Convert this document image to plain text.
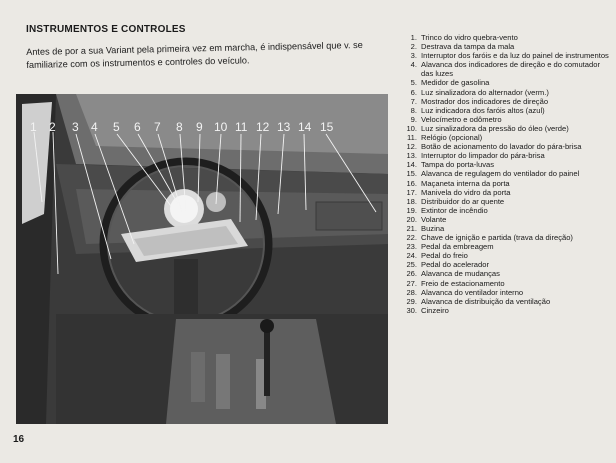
INSTRUMENTOS E CONTROLES
Antes de por a sua Variant pela primeira vez em marcha, é indispensável que v. se familiarize com os instrumentos e controles do veículo.
1 2 3 4 5 6 7 8 9 10 11 12 13 14 15
1. Trinco do vidro quebra-vento
2. Destrava da tampa da mala
3. Interruptor dos faróis e da luz do painel de instrumentos
4. Alavanca dos indicadores de direção e do comutador das luzes
5. Medidor de gasolina
6. Luz sinalizadora do alternador (verm.)
7. Mostrador dos indicadores de direção
8. Luz indicadora dos faróis altos (azul)
9. Velocímetro e odômetro
10. Luz sinalizadora da pressão do óleo (verde)
11. Relógio (opcional)
12. Botão de acionamento do lavador do pára-brisa
13. Interruptor do limpador do pára-brisa
14. Tampa do porta-luvas
15. Alavanca de regulagem do ventilador do painel
16. Maçaneta interna da porta
17. Manivela do vidro da porta
18. Distribuidor do ar quente
19. Extintor de incêndio
20. Volante
21. Buzina
22. Chave de ignição e partida (trava da direção)
23. Pedal da embreagem
24. Pedal do freio
25. Pedal do acelerador
26. Alavanca de mudanças
27. Freio de estacionamento
28. Alavanca do ventilador interno
29. Alavanca de distribuição da ventilação
30. Cinzeiro
16
